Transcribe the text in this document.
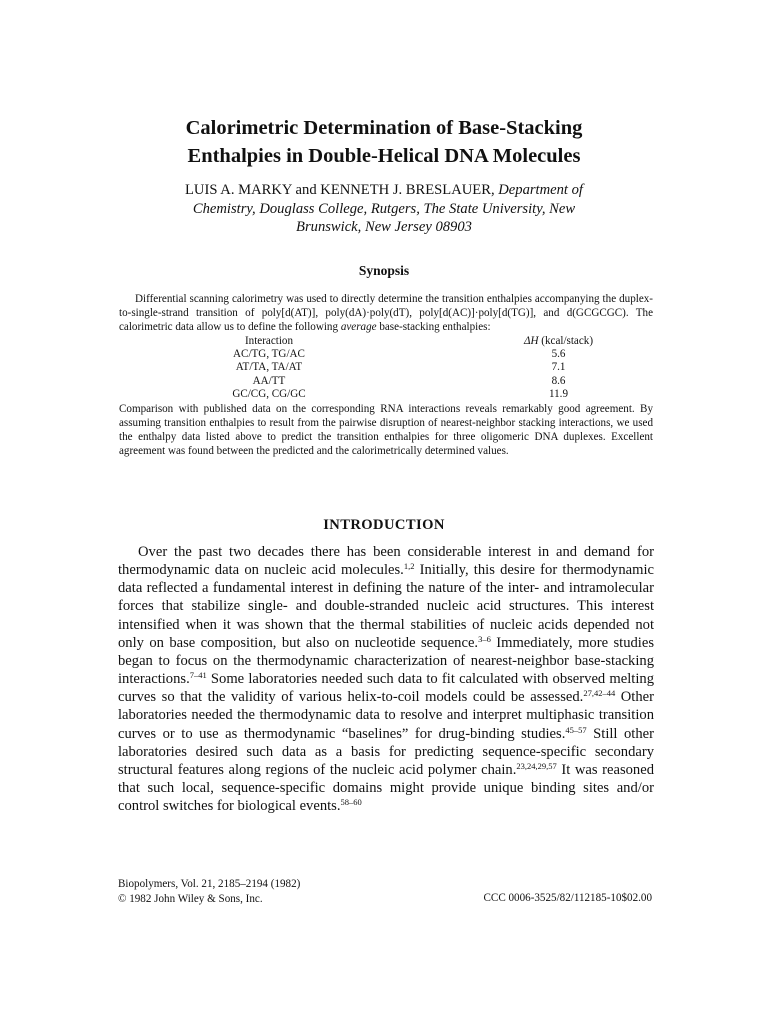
Calorimetric Determination of Base-Stacking
Enthalpies in Double-Helical DNA Molecules
LUIS A. MARKY and KENNETH J. BRESLAUER, Department of
Chemistry, Douglass College, Rutgers, The State University, New
Brunswick, New Jersey 08903
Synopsis

Differential scanning calorimetry was used to directly determine the transition enthalpies accompanying the duplex-to-single-strand transition of poly[d(AT)], poly(dA)·poly(dT), poly[d(AC)]·poly[d(TG)], and d(GCGCGC). The calorimetric data allow us to define the following average base-stacking enthalpies:

Interaction	ΔH (kcal/stack)
AC/TG, TG/AC	5.6
AT/TA, TA/AT	7.1
AA/TT	8.6
GC/CG, CG/GC	11.9

Comparison with published data on the corresponding RNA interactions reveals remarkably good agreement. By assuming transition enthalpies to result from the pairwise disruption of nearest-neighbor stacking interactions, we used the enthalpy data listed above to predict the transition enthalpies for three oligomeric DNA duplexes. Excellent agreement was found between the predicted and the calorimetrically determined values.

INTRODUCTION

Over the past two decades there has been considerable interest in and demand for thermodynamic data on nucleic acid molecules.$^{1,2}$ Initially, this desire for thermodynamic data reflected a fundamental interest in defining the nature of the inter- and intramolecular forces that stabilize single- and double-stranded nucleic acid structures. This interest intensified when it was shown that the thermal stabilities of nucleic acids depended not only on base composition, but also on nucleotide sequence.$^{3-6}$ Immediately, more studies began to focus on the thermodynamic characterization of nearest-neighbor base-stacking interactions.$^{7-41}$ Some laboratories needed such data to fit calculated with observed melting curves so that the validity of various helix-to-coil models could be assessed.$^{27,42-44}$ Other laboratories needed the thermodynamic data to resolve and interpret multiphasic transition curves or to use as thermodynamic “baselines” for drug-binding studies.$^{45-57}$ Still other laboratories desired such data as a basis for predicting sequence-specific secondary structural features along regions of the nucleic acid polymer chain.$^{23,24,29,57}$ It was reasoned that such local, sequence-specific domains might provide unique binding sites and/or control switches for biological events.$^{58-60}$

Biopolymers, Vol. 21, 2185–2194 (1982)
© 1982 John Wiley & Sons, Inc.	CCC 0006-3525/82/112185-10$02.00
